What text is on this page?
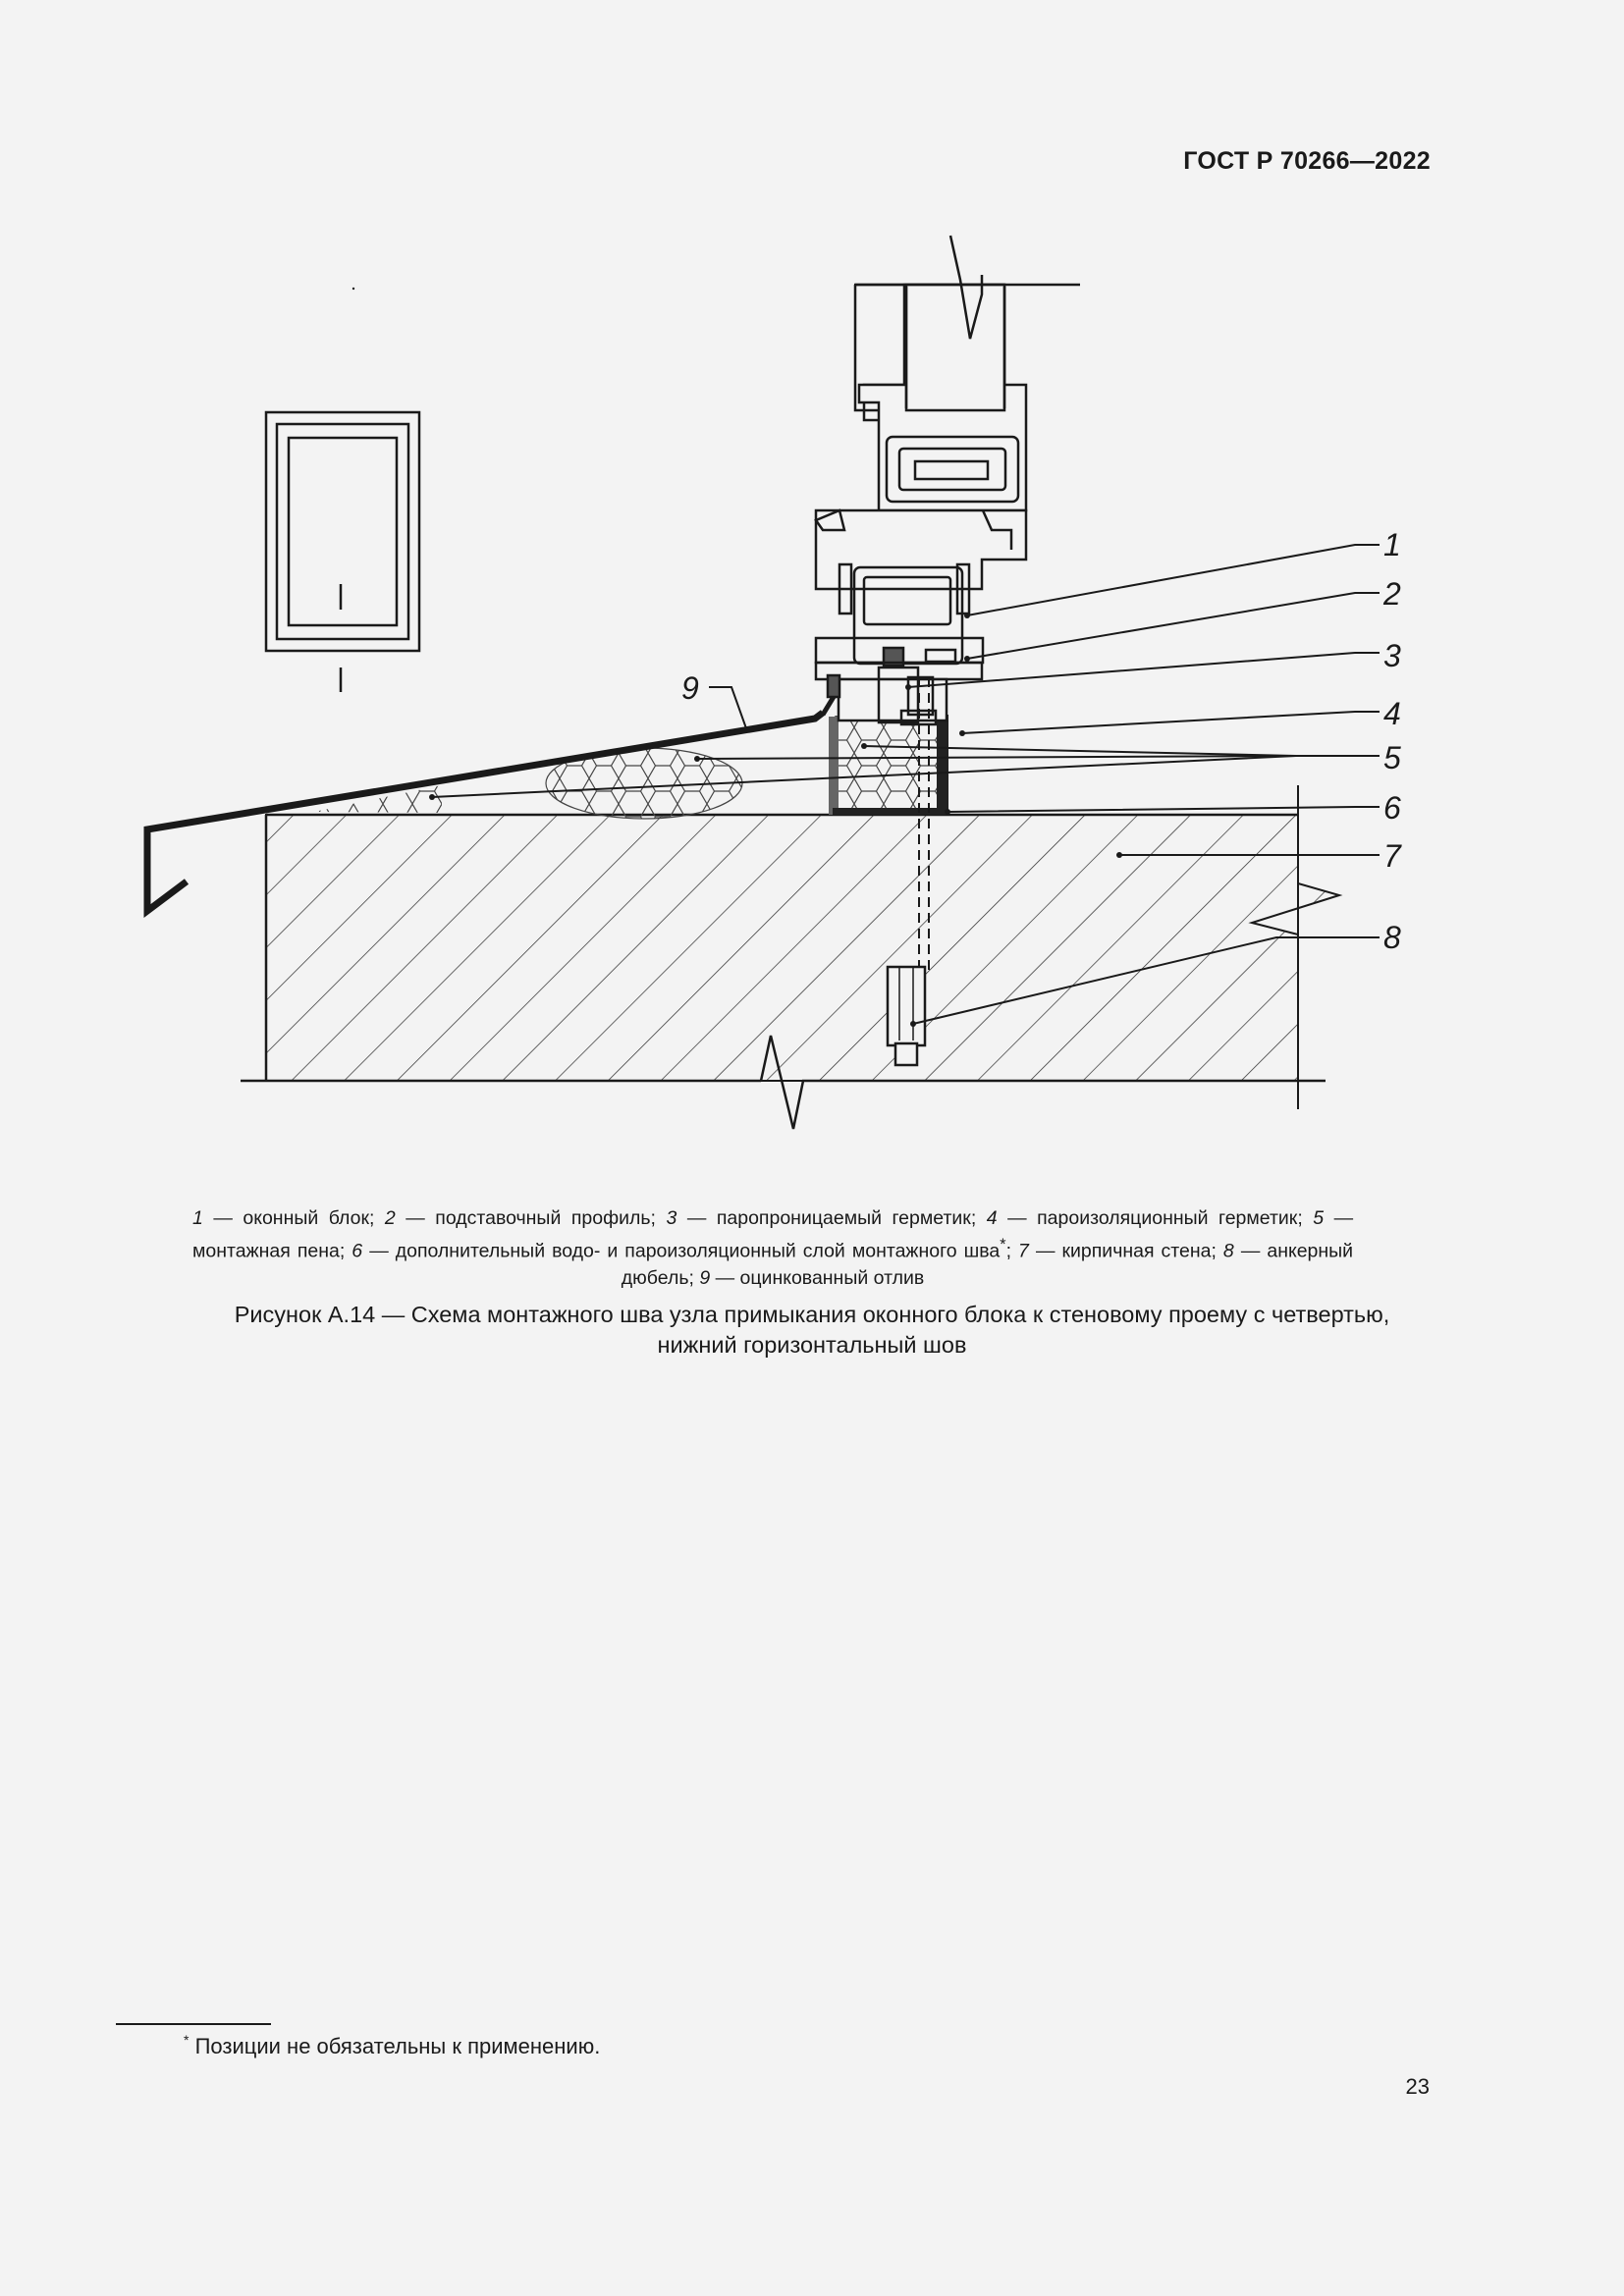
ГОСТ Р 70266—2022
1
2
3
4
5
6
7
8
9
1 — оконный блок; 2 — подставочный профиль; 3 — паропроницаемый герметик; 4 — пароизоляционный герметик; 5 — монтажная пена; 6 — дополнительный водо- и пароизоляционный слой монтажного шва*; 7 — кирпичная стена; 8 — анкерный дюбель; 9 — оцинкованный отлив
Рисунок А.14 — Схема монтажного шва узла примыкания оконного блока к стеновому проему с четвертью,
нижний горизонтальный шов
* Позиции не обязательны к применению.
23
